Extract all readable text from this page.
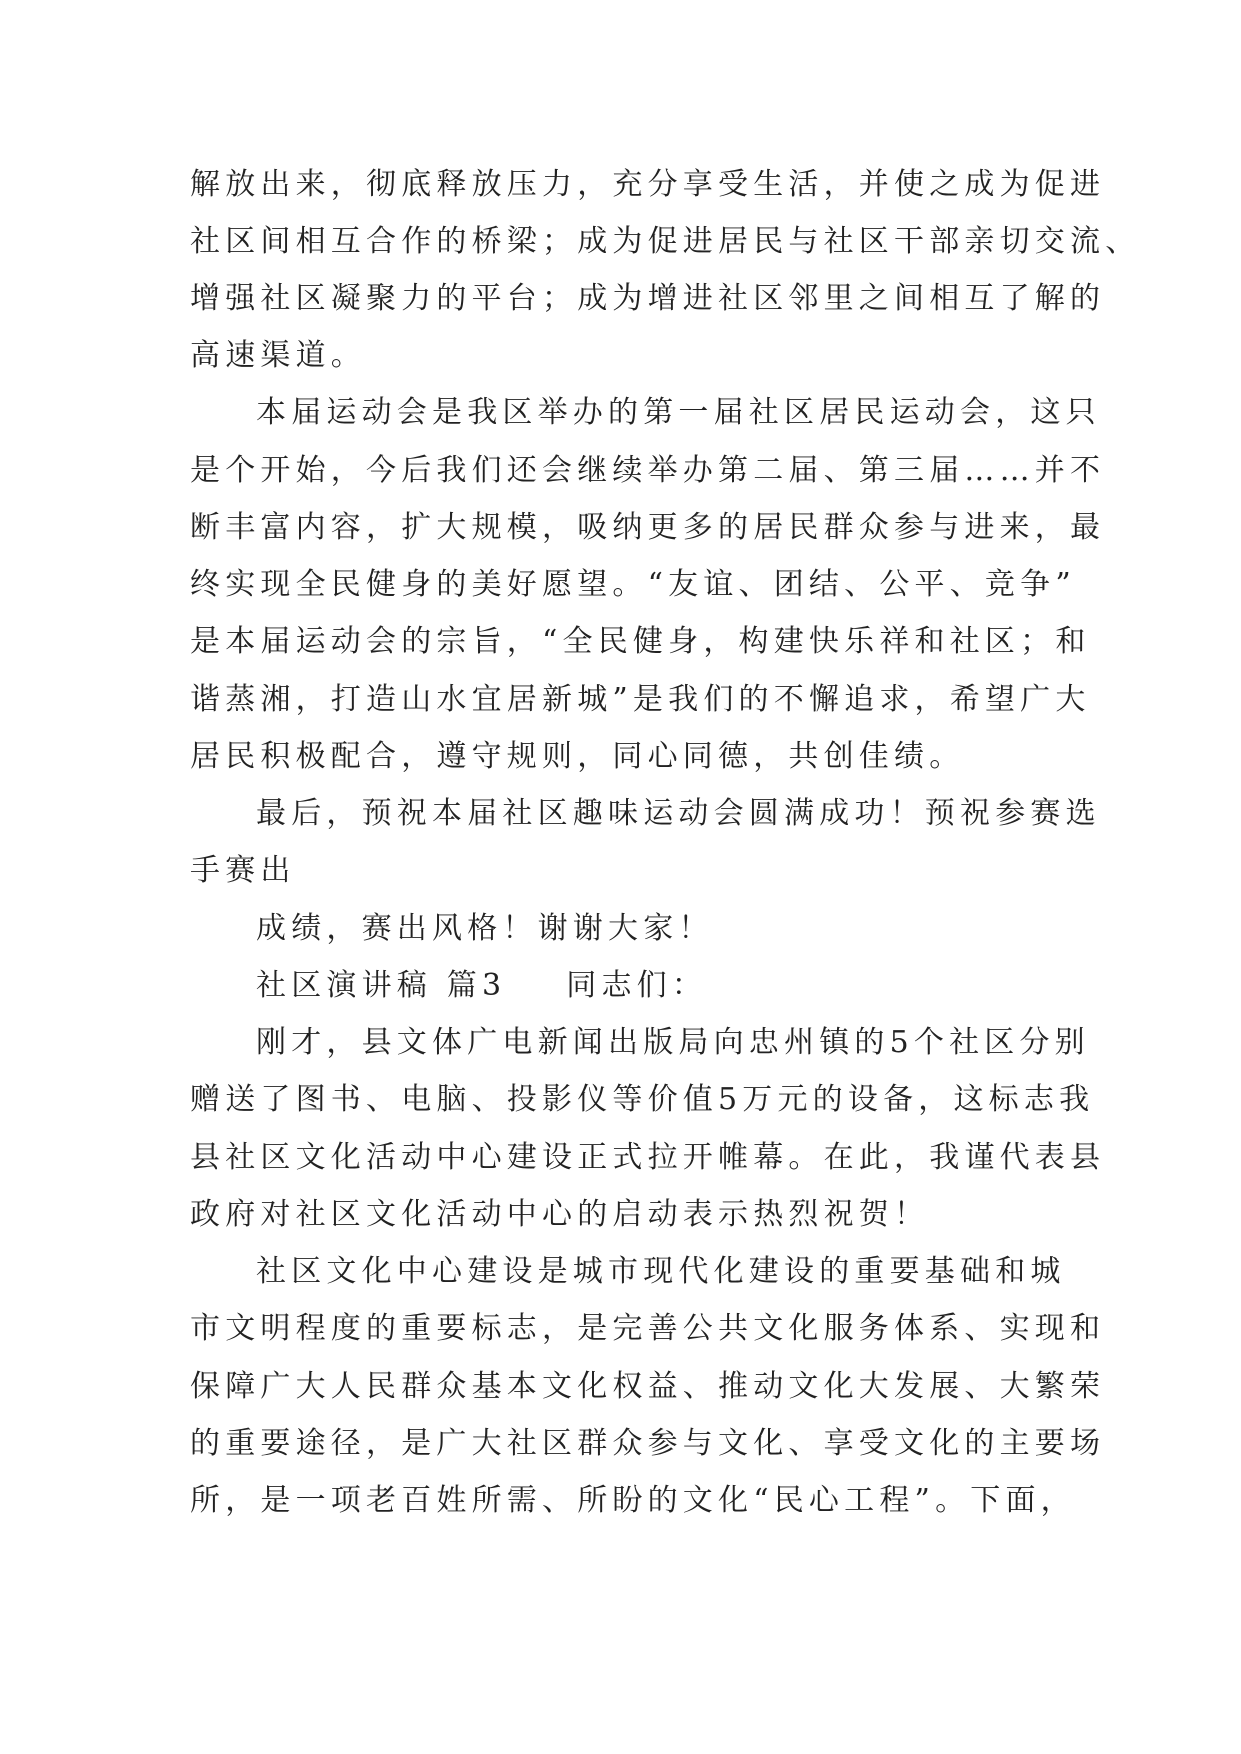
解放出来，彻底释放压力，充分享受生活，并使之成为促进
社区间相互合作的桥梁；成为促进居民与社区干部亲切交流、
增强社区凝聚力的平台；成为增进社区邻里之间相互了解的
高速渠道。
本届运动会是我区举办的第一届社区居民运动会，这只
是个开始，今后我们还会继续举办第二届、第三届……并不
断丰富内容，扩大规模，吸纳更多的居民群众参与进来，最
终实现全民健身的美好愿望。“友谊、团结、公平、竞争”
是本届运动会的宗旨，“全民健身，构建快乐祥和社区；和
谐蒸湘，打造山水宜居新城”是我们的不懈追求，希望广大
居民积极配合，遵守规则，同心同德，共创佳绩。
最后，预祝本届社区趣味运动会圆满成功！预祝参赛选
手赛出
成绩，赛出风格！谢谢大家！
社区演讲稿 篇3 同志们：
刚才，县文体广电新闻出版局向忠州镇的5个社区分别
赠送了图书、电脑、投影仪等价值5万元的设备，这标志我
县社区文化活动中心建设正式拉开帷幕。在此，我谨代表县
政府对社区文化活动中心的启动表示热烈祝贺！
社区文化中心建设是城市现代化建设的重要基础和城
市文明程度的重要标志，是完善公共文化服务体系、实现和
保障广大人民群众基本文化权益、推动文化大发展、大繁荣
的重要途径，是广大社区群众参与文化、享受文化的主要场
所，是一项老百姓所需、所盼的文化“民心工程”。下面，
